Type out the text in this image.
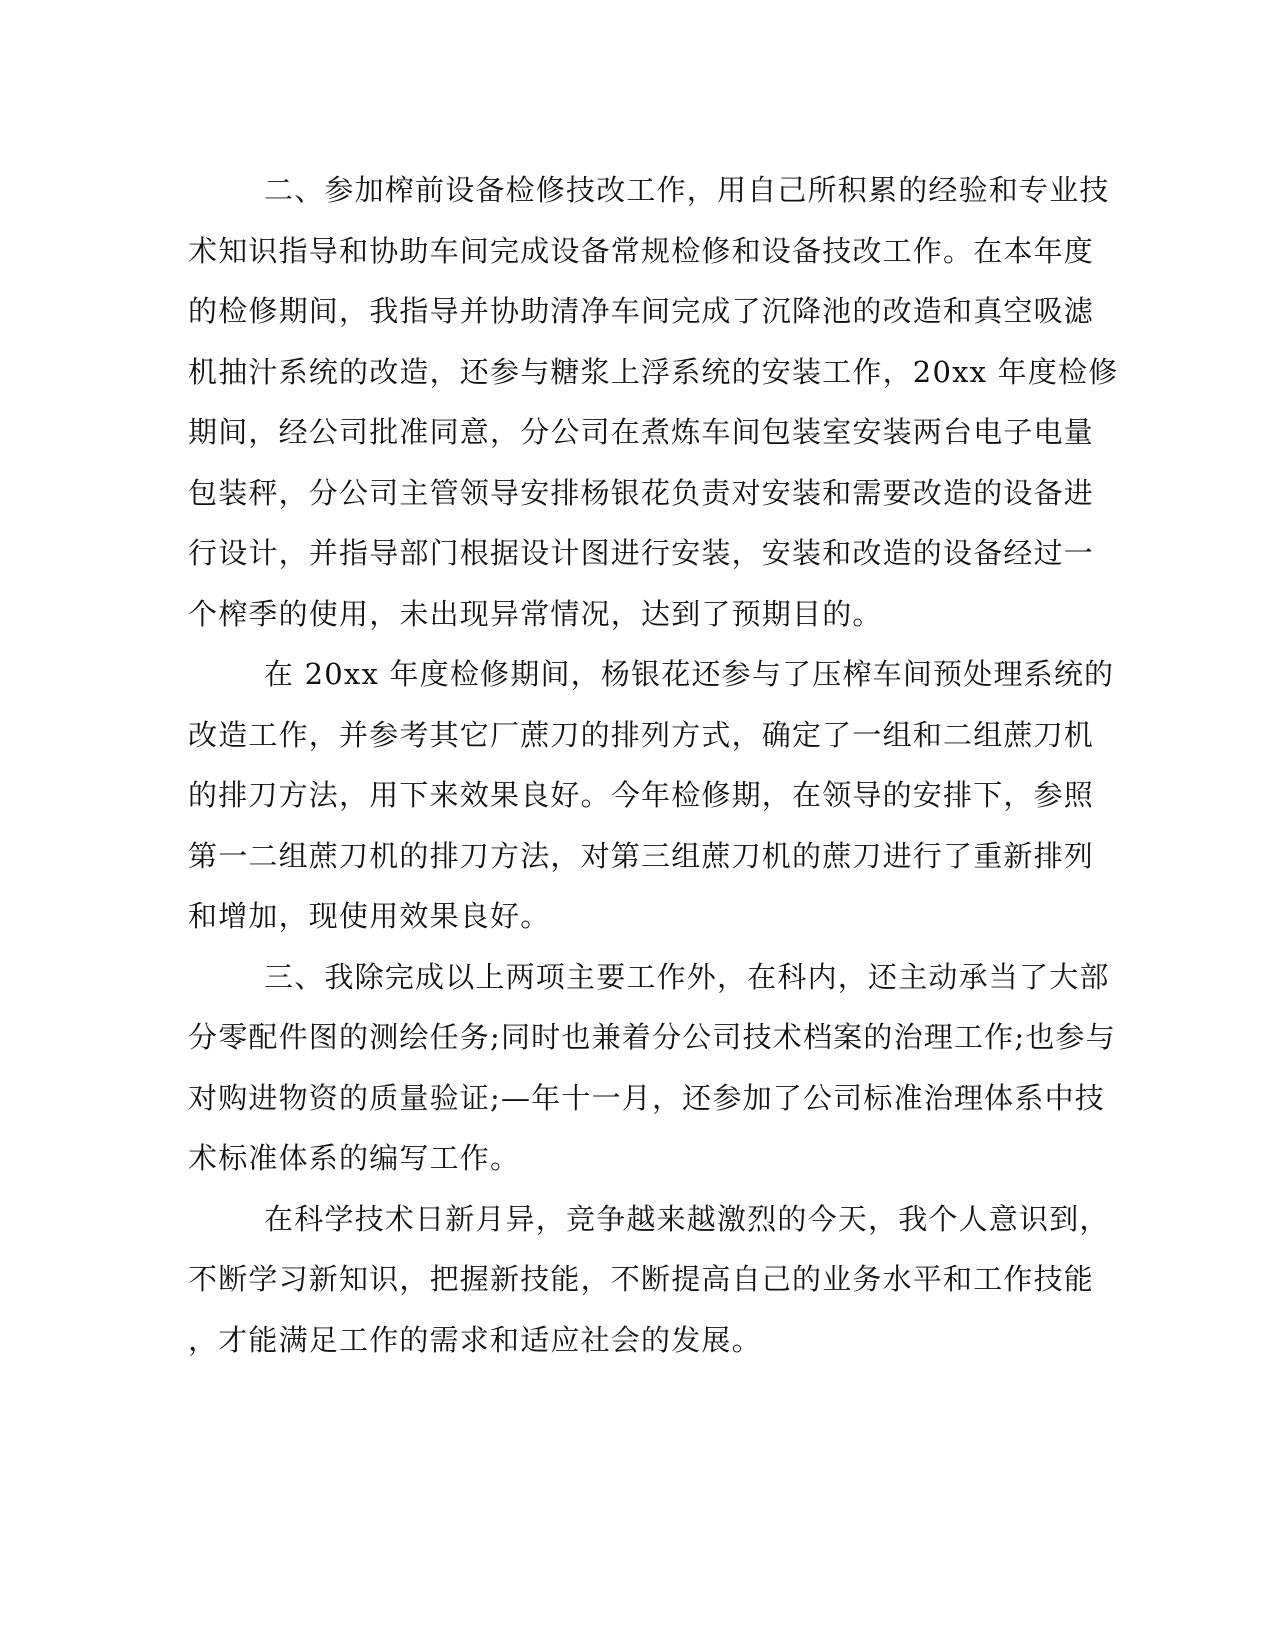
二、参加榨前设备检修技改工作，用自己所积累的经验和专业技
术知识指导和协助车间完成设备常规检修和设备技改工作。在本年度
的检修期间，我指导并协助清净车间完成了沉降池的改造和真空吸滤
机抽汁系统的改造，还参与糖浆上浮系统的安装工作，20xx 年度检修
期间，经公司批准同意，分公司在煮炼车间包装室安装两台电子电量
包装秤，分公司主管领导安排杨银花负责对安装和需要改造的设备进
行设计，并指导部门根据设计图进行安装，安装和改造的设备经过一
个榨季的使用，未出现异常情况，达到了预期目的。

在 20xx 年度检修期间，杨银花还参与了压榨车间预处理系统的
改造工作，并参考其它厂蔗刀的排列方式，确定了一组和二组蔗刀机
的排刀方法，用下来效果良好。今年检修期，在领导的安排下，参照
第一二组蔗刀机的排刀方法，对第三组蔗刀机的蔗刀进行了重新排列
和增加，现使用效果良好。

三、我除完成以上两项主要工作外，在科内，还主动承当了大部
分零配件图的测绘任务;同时也兼着分公司技术档案的治理工作;也参与
对购进物资的质量验证;—年十一月，还参加了公司标准治理体系中技
术标准体系的编写工作。

在科学技术日新月异，竞争越来越激烈的今天，我个人意识到，
不断学习新知识，把握新技能，不断提高自己的业务水平和工作技能
，才能满足工作的需求和适应社会的发展。
